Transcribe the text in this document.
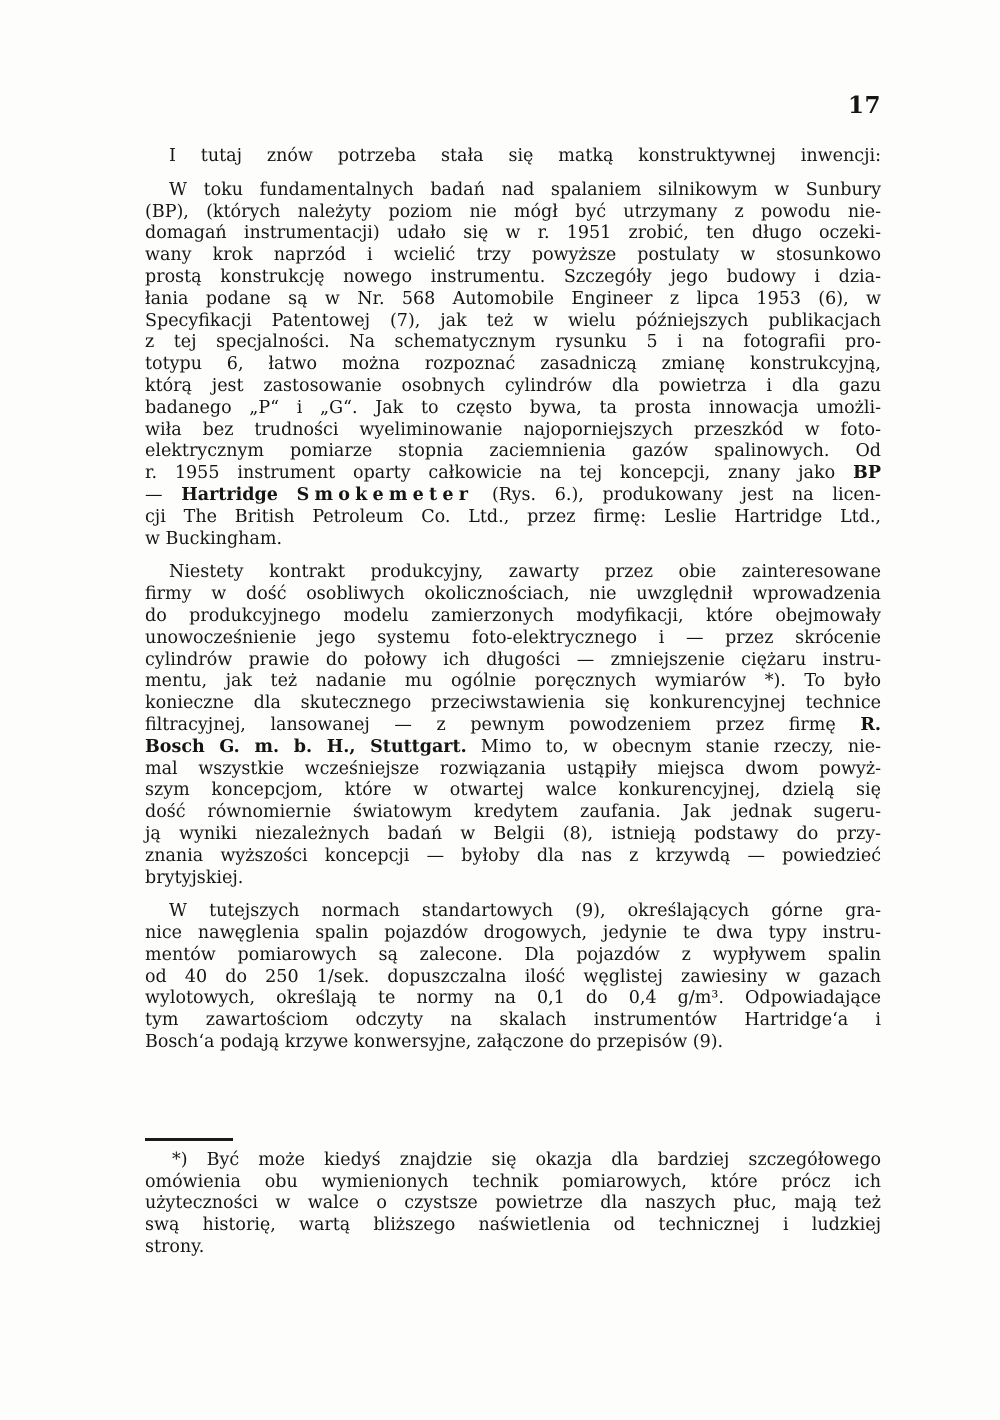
17

I tutaj znów potrzeba stała się matką konstruktywnej inwencji:

W toku fundamentalnych badań nad spalaniem silnikowym w Sunbury
(BP), (których należyty poziom nie mógł być utrzymany z powodu nie-
domagań instrumentacji) udało się w r. 1951 zrobić, ten długo oczeki-
wany krok naprzód i wcielić trzy powyższe postulaty w stosunkowo
prostą konstrukcję nowego instrumentu. Szczegóły jego budowy i dzia-
łania podane są w Nr. 568 Automobile Engineer z lipca 1953 (6), w
Specyfikacji Patentowej (7), jak też w wielu późniejszych publikacjach
z tej specjalności. Na schematycznym rysunku 5 i na fotografii pro-
totypu 6, łatwo można rozpoznać zasadniczą zmianę konstrukcyjną,
którą jest zastosowanie osobnych cylindrów dla powietrza i dla gazu
badanego „P“ i „G“. Jak to często bywa, ta prosta innowacja umożli-
wiła bez trudności wyeliminowanie najoporniejszych przeszkód w foto-
elektrycznym pomiarze stopnia zaciemnienia gazów spalinowych. Od
r. 1955 instrument oparty całkowicie na tej koncepcji, znany jako BP
— Hartridge Smokemeter (Rys. 6.), produkowany jest na licen-
cji The British Petroleum Co. Ltd., przez firmę: Leslie Hartridge Ltd.,
w Buckingham.

Niestety kontrakt produkcyjny, zawarty przez obie zainteresowane
firmy w dość osobliwych okolicznościach, nie uwzględnił wprowadzenia
do produkcyjnego modelu zamierzonych modyfikacji, które obejmowały
unowocześnienie jego systemu foto-elektrycznego i — przez skrócenie
cylindrów prawie do połowy ich długości — zmniejszenie ciężaru instru-
mentu, jak też nadanie mu ogólnie poręcznych wymiarów *). To było
konieczne dla skutecznego przeciwstawienia się konkurencyjnej technice
filtracyjnej, lansowanej — z pewnym powodzeniem przez firmę R.
Bosch G. m. b. H., Stuttgart. Mimo to, w obecnym stanie rzeczy, nie-
mal wszystkie wcześniejsze rozwiązania ustąpiły miejsca dwom powyż-
szym koncepcjom, które w otwartej walce konkurencyjnej, dzielą się
dość równomiernie światowym kredytem zaufania. Jak jednak sugeru-
ją wyniki niezależnych badań w Belgii (8), istnieją podstawy do przy-
znania wyższości koncepcji — byłoby dla nas z krzywdą — powiedzieć
brytyjskiej.

W tutejszych normach standartowych (9), określających górne gra-
nice nawęglenia spalin pojazdów drogowych, jedynie te dwa typy instru-
mentów pomiarowych są zalecone. Dla pojazdów z wypływem spalin
od 40 do 250 1/sek. dopuszczalna ilość węglistej zawiesiny w gazach
wylotowych, określają te normy na 0,1 do 0,4 g/m³. Odpowiadające
tym zawartościom odczyty na skalach instrumentów Hartridge‘a i
Bosch‘a podają krzywe konwersyjne, załączone do przepisów (9).

*) Być może kiedyś znajdzie się okazja dla bardziej szczegółowego
omówienia obu wymienionych technik pomiarowych, które prócz ich
użyteczności w walce o czystsze powietrze dla naszych płuc, mają też
swą historię, wartą bliższego naświetlenia od technicznej i ludzkiej
strony.
